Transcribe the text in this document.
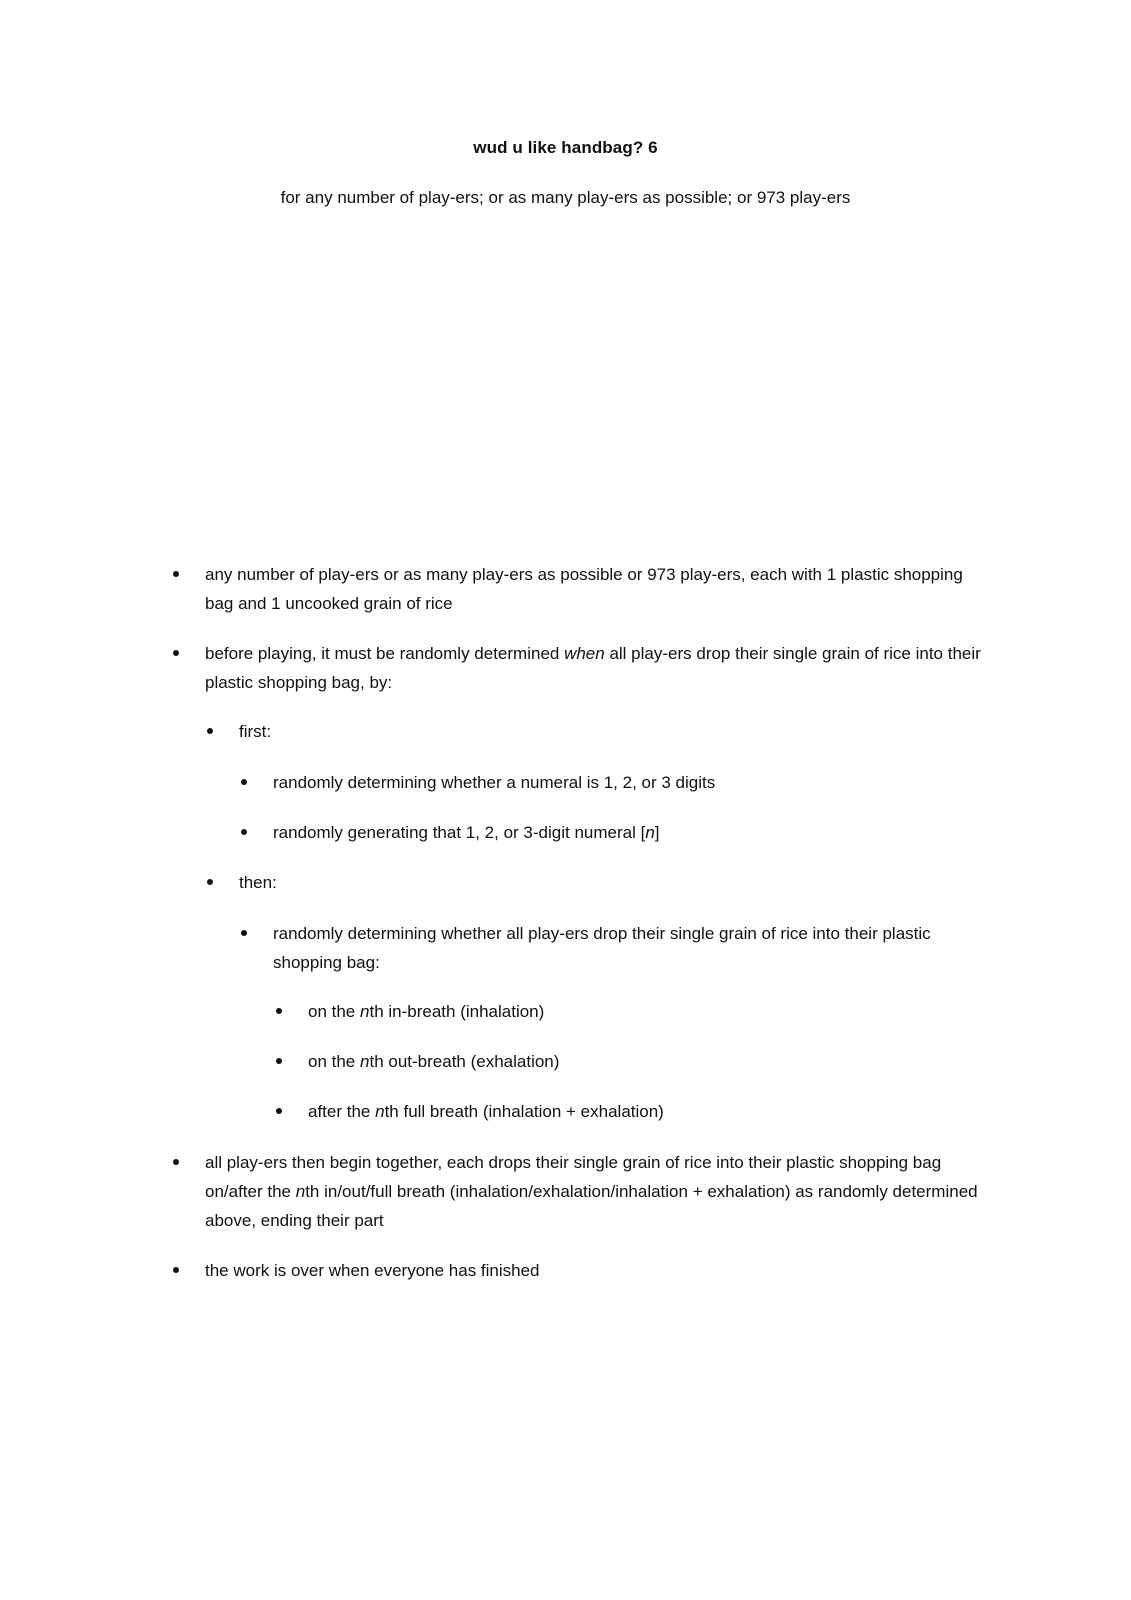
wud u like handbag? 6
for any number of play-ers; or as many play-ers as possible; or 973 play-ers
any number of play-ers or as many play-ers as possible or 973 play-ers, each with 1 plastic shopping bag and 1 uncooked grain of rice
before playing, it must be randomly determined when all play-ers drop their single grain of rice into their plastic shopping bag, by:
first:
randomly determining whether a numeral is 1, 2, or 3 digits
randomly generating that 1, 2, or 3-digit numeral [n]
then:
randomly determining whether all play-ers drop their single grain of rice into their plastic shopping bag:
on the nth in-breath (inhalation)
on the nth out-breath (exhalation)
after the nth full breath (inhalation + exhalation)
all play-ers then begin together, each drops their single grain of rice into their plastic shopping bag on/after the nth in/out/full breath (inhalation/exhalation/inhalation + exhalation) as randomly determined above, ending their part
the work is over when everyone has finished
